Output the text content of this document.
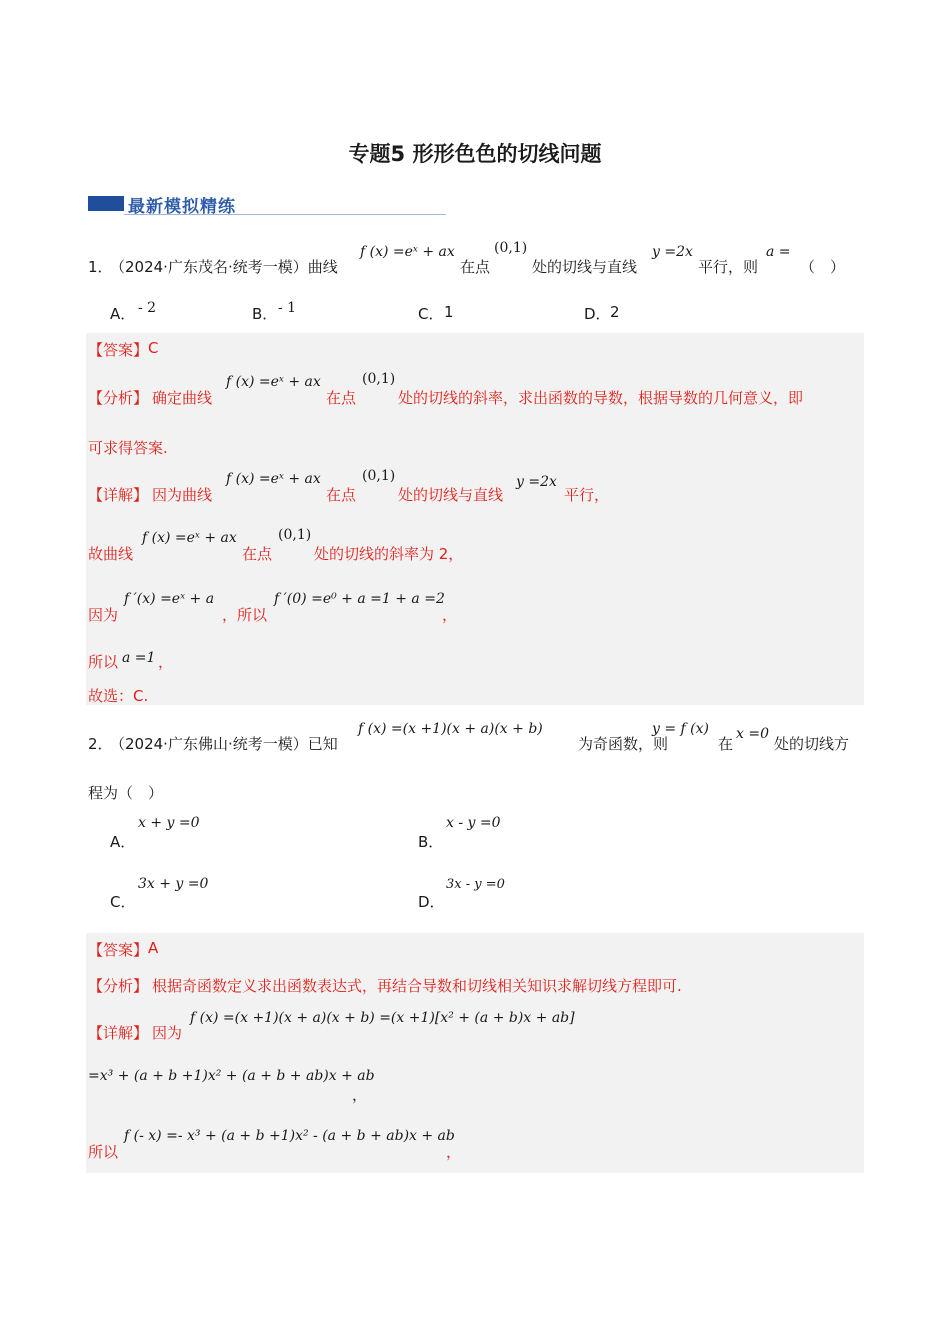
专题5 形形色色的切线问题
最新模拟精练
1．
（2024·广东茂名·统考一模）曲线
f (x) =eˣ + ax
在点
(0,1)
处的切线与直线
y =2x
平行，则
a =
（　）
A． - 2	B． - 1	C． 1	D． 2
【答案】 C
【分析】 确定曲线
f (x) =eˣ + ax
在点
(0,1)
处的切线的斜率，求出函数的导数，根据导数的几何意义，即
可求得答案.
【详解】 因为曲线
f (x) =eˣ + ax
在点
(0,1)
处的切线与直线
y =2x
平行，
故曲线
f (x) =eˣ + ax
在点
(0,1)
处的切线的斜率为 2，
因为
f ′(x) =eˣ + a
，所以
f ′(0) =e⁰ + a =1 + a =2
，
所以 a =1 ，
故选：C.
2．
（2024·广东佛山·统考一模）已知
f (x) =(x +1)(x + a)(x + b)
为奇函数，则
y = f (x)
在
x =0
处的切线方
程为（　）
A．
x + y =0
B．
x - y =0
C．
3x + y =0
D．
3x - y =0
【答案】 A
【分析】 根据奇函数定义求出函数表达式，再结合导数和切线相关知识求解切线方程即可.
【详解】 因为
f (x) =(x +1)(x + a)(x + b) =(x +1)[x² + (a + b)x + ab]
=x³ + (a + b +1)x² + (a + b + ab)x + ab
，
所以
f (- x) =- x³ + (a + b +1)x² - (a + b + ab)x + ab
，
